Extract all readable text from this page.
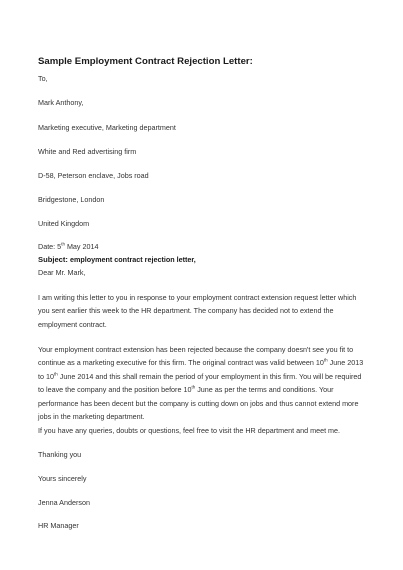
Sample Employment Contract Rejection Letter:
To,
Mark Anthony,
Marketing executive, Marketing department
White and Red advertising firm
D-58, Peterson enclave, Jobs road
Bridgestone, London
United Kingdom
Date: 5th May 2014
Subject: employment contract rejection letter,
Dear Mr. Mark,
I am writing this letter to you in response to your employment contract extension request letter which
you sent earlier this week to the HR department. The company has decided not to extend the
employment contract.
Your employment contract extension has been rejected because the company doesn't see you fit to
continue as a marketing executive for this firm. The original contract was valid between 10th June 2013
to 10th June 2014 and this shall remain the period of your employment in this firm. You will be required
to leave the company and the position before 10th June as per the terms and conditions. Your
performance has been decent but the company is cutting down on jobs and thus cannot extend more
jobs in the marketing department.
If you have any queries, doubts or questions, feel free to visit the HR department and meet me.
Thanking you
Yours sincerely
Jenna Anderson
HR Manager
